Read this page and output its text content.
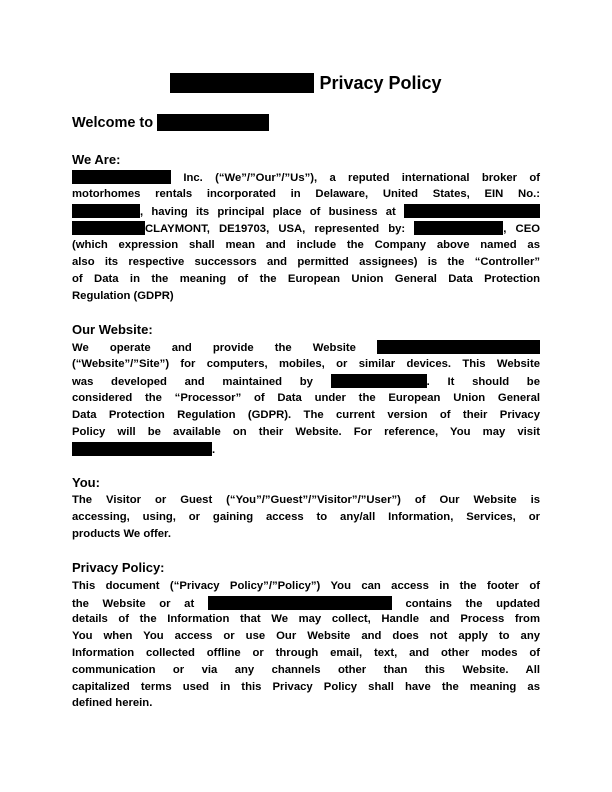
Privacy Policy
Welcome to
We Are:
Inc. (“We”/”Our”/”Us”), a reputed international broker of
motorhomes rentals incorporated in Delaware, United States, EIN No.:
, having its principal place of business at
CLAYMONT, DE19703, USA, represented by:	, CEO
(which expression shall mean and include the Company above named as
also its respective successors and permitted assignees) is the “Controller”
of Data in the meaning of the European Union General Data Protection
Regulation (GDPR)
Our Website:
We operate and provide the Website
(“Website”/”Site”) for computers, mobiles, or similar devices. This Website
was developed and maintained by	. It should be
considered the “Processor” of Data under the European Union General
Data Protection Regulation (GDPR). The current version of their Privacy
Policy will be available on their Website. For reference, You may visit
.
You:
The Visitor or Guest (“You”/”Guest”/”Visitor”/”User”) of Our Website is
accessing, using, or gaining access to any/all Information, Services, or
products We offer.
Privacy Policy:
This document (“Privacy Policy”/”Policy”) You can access in the footer of
the Website or at	contains the updated
details of the Information that We may collect, Handle and Process from
You when You access or use Our Website and does not apply to any
Information collected offline or through email, text, and other modes of
communication or via any channels other than this Website. All
capitalized terms used in this Privacy Policy shall have the meaning as
defined herein.
